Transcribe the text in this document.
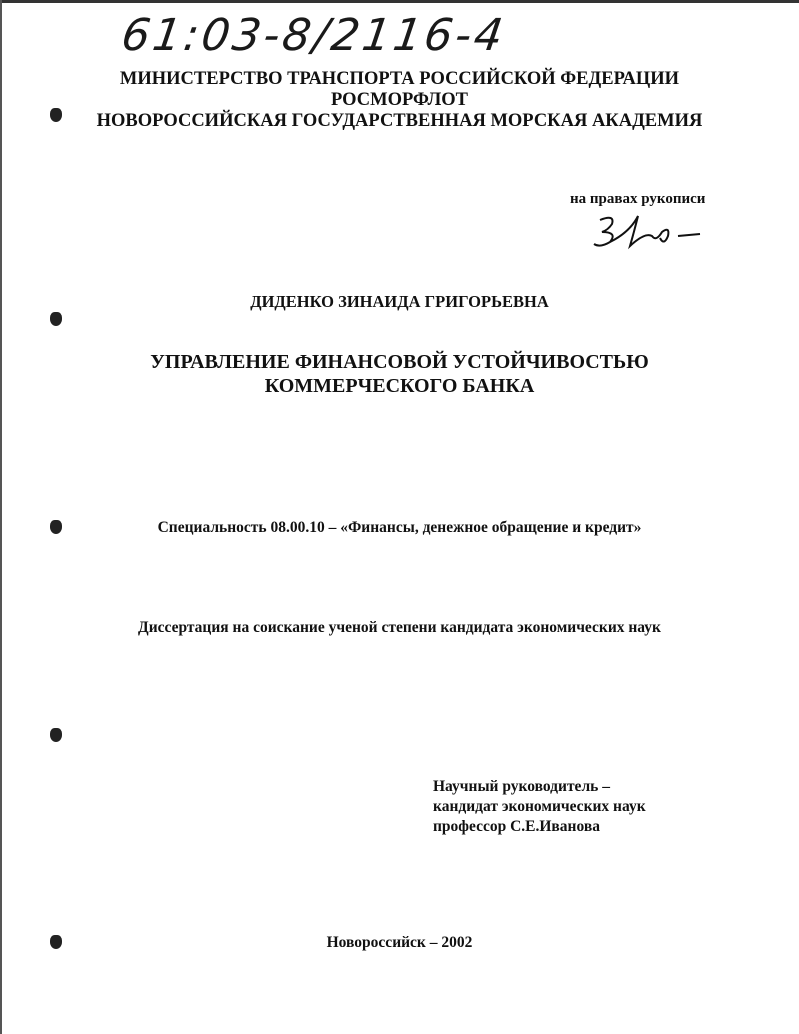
61:03-8/2116-4
МИНИСТЕРСТВО ТРАНСПОРТА РОССИЙСКОЙ ФЕДЕРАЦИИ
РОСМОРФЛОТ
НОВОРОССИЙСКАЯ ГОСУДАРСТВЕННАЯ МОРСКАЯ АКАДЕМИЯ
на правах рукописи
ДИДЕНКО ЗИНАИДА ГРИГОРЬЕВНА
УПРАВЛЕНИЕ ФИНАНСОВОЙ УСТОЙЧИВОСТЬЮ
КОММЕРЧЕСКОГО БАНКА
Специальность 08.00.10 – «Финансы, денежное обращение и кредит»
Диссертация на соискание ученой степени кандидата экономических наук
Научный руководитель –
кандидат экономических наук
профессор С.Е.Иванова
Новороссийск – 2002
